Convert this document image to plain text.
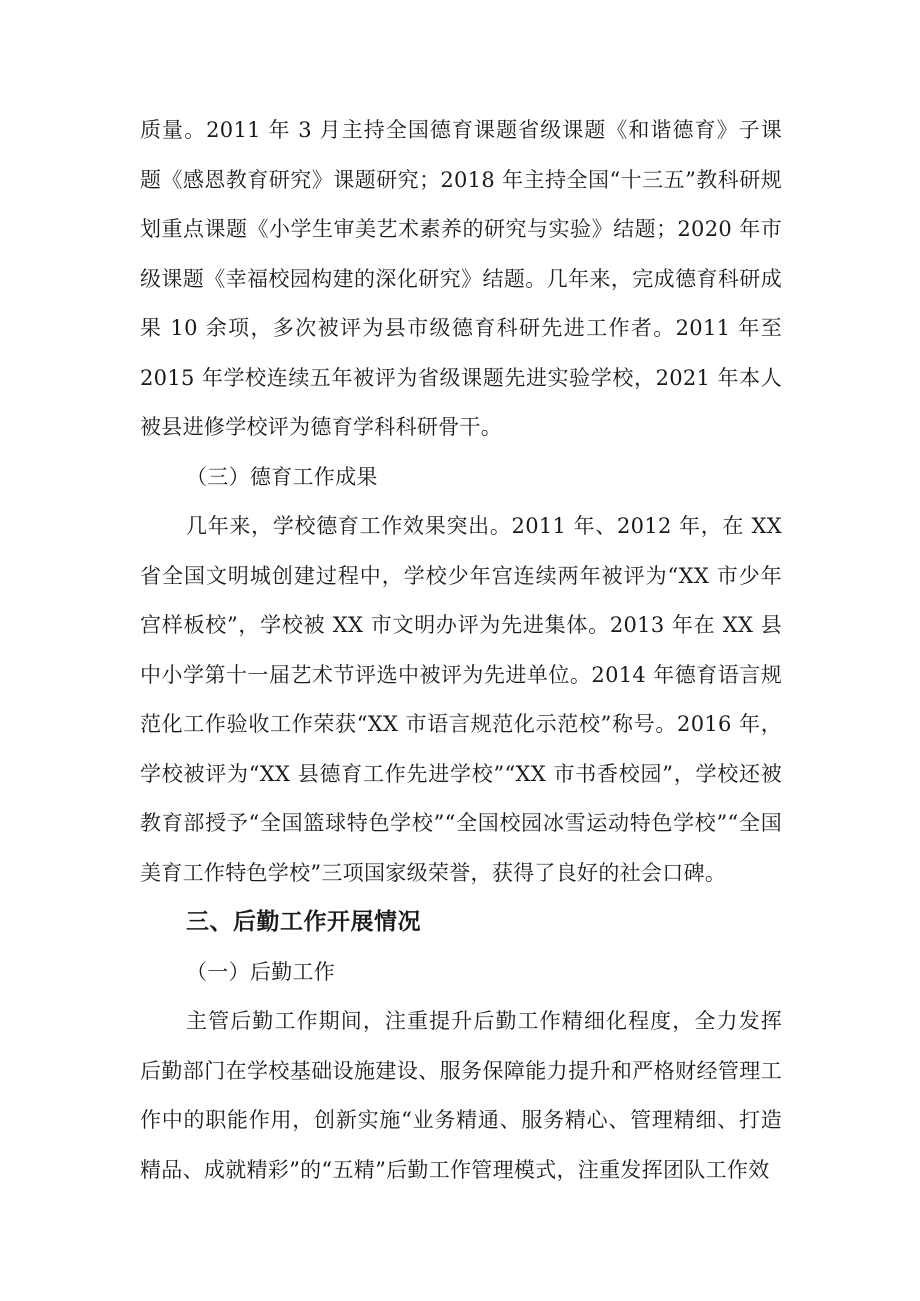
质量。2011 年 3 月主持全国德育课题省级课题《和谐德育》子课题《感恩教育研究》课题研究；2018 年主持全国“十三五”教科研规划重点课题《小学生审美艺术素养的研究与实验》结题；2020 年市级课题《幸福校园构建的深化研究》结题。几年来，完成德育科研成果 10 余项，多次被评为县市级德育科研先进工作者。2011 年至 2015 年学校连续五年被评为省级课题先进实验学校，2021 年本人被县进修学校评为德育学科科研骨干。

（三）德育工作成果

几年来，学校德育工作效果突出。2011 年、2012 年，在 XX 省全国文明城创建过程中，学校少年宫连续两年被评为“XX 市少年宫样板校”，学校被 XX 市文明办评为先进集体。2013 年在 XX 县中小学第十一届艺术节评选中被评为先进单位。2014 年德育语言规范化工作验收工作荣获“XX 市语言规范化示范校”称号。2016 年，学校被评为“XX 县德育工作先进学校”“XX 市书香校园”，学校还被教育部授予“全国篮球特色学校”“全国校园冰雪运动特色学校”“全国美育工作特色学校”三项国家级荣誉，获得了良好的社会口碑。

三、后勤工作开展情况

（一）后勤工作

主管后勤工作期间，注重提升后勤工作精细化程度，全力发挥后勤部门在学校基础设施建设、服务保障能力提升和严格财经管理工作中的职能作用，创新实施“业务精通、服务精心、管理精细、打造精品、成就精彩”的“五精”后勤工作管理模式，注重发挥团队工作效
